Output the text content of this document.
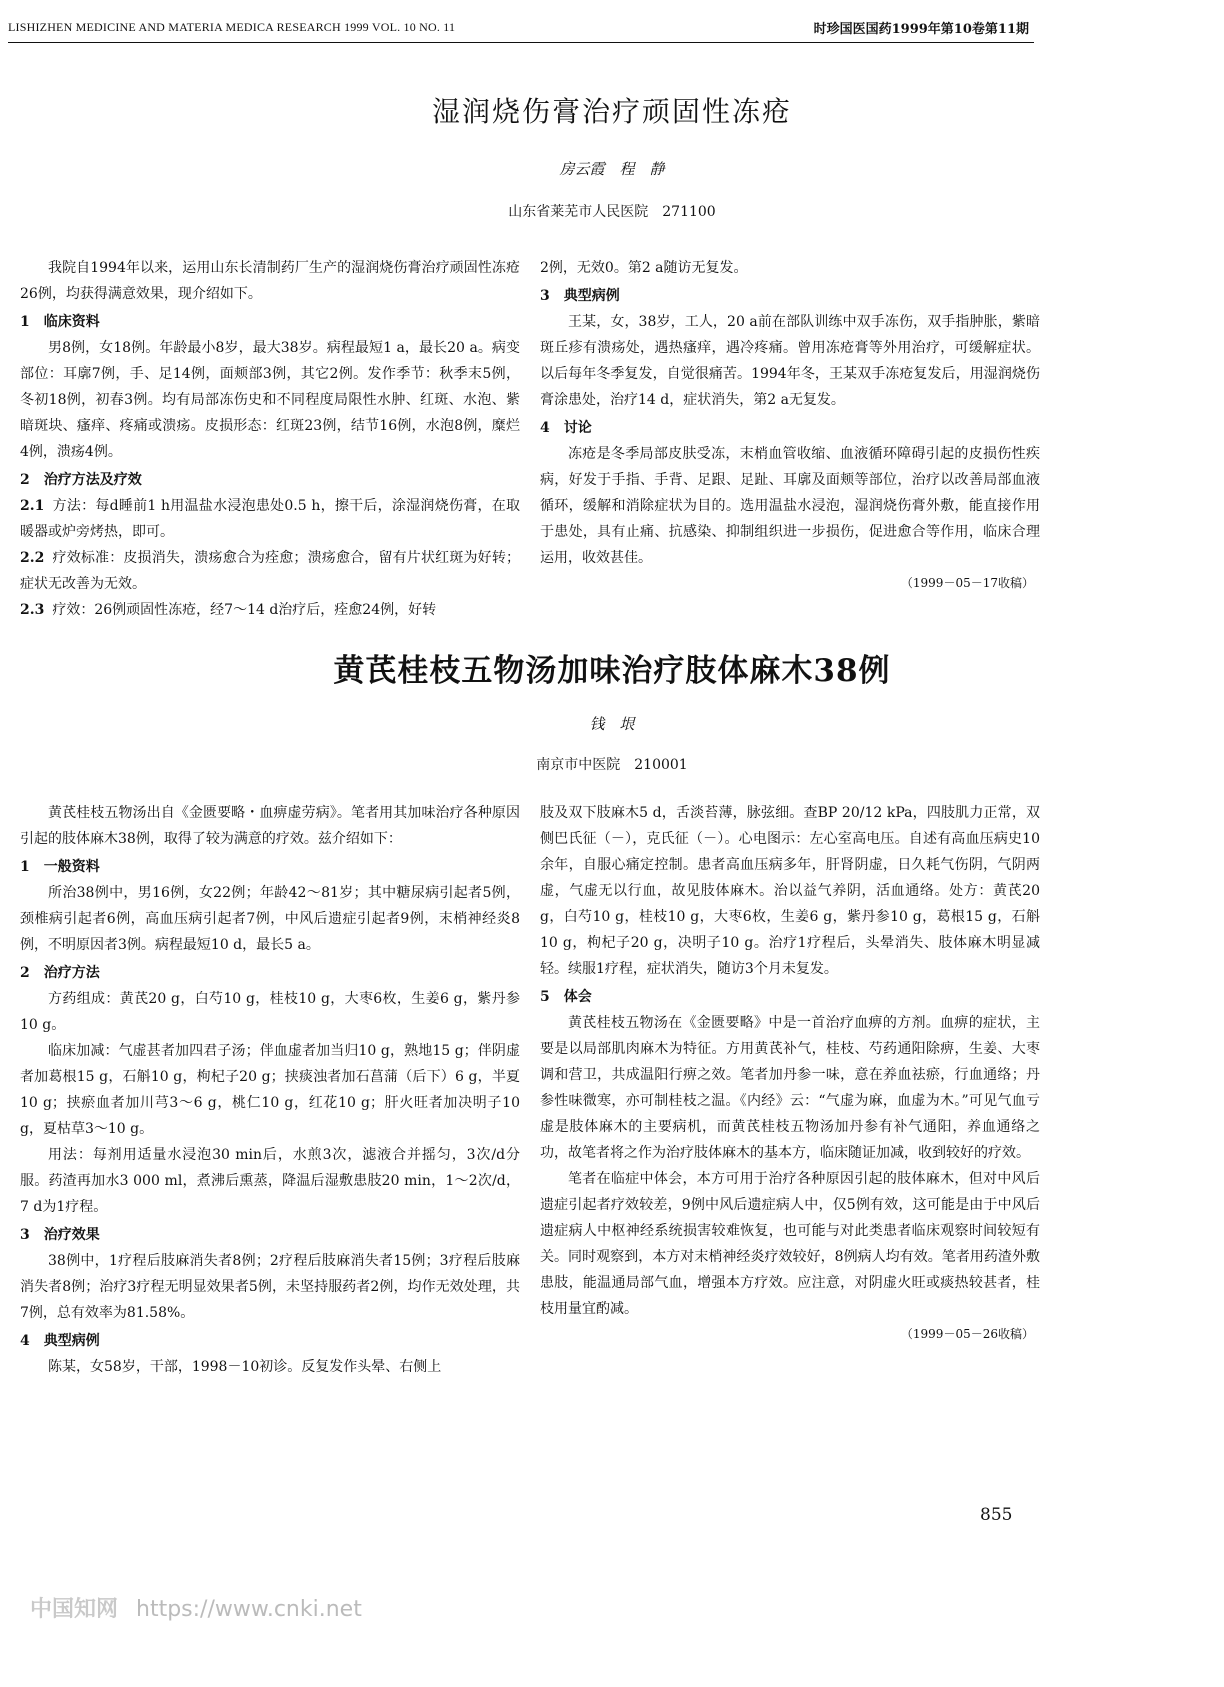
LISHIZHEN MEDICINE AND MATERIA MEDICA RESEARCH 1999 VOL. 10 NO. 11	时珍国医国药1999年第10卷第11期
湿润烧伤膏治疗顽固性冻疮
房云霞　程　静
山东省莱芜市人民医院　271100

我院自1994年以来，运用山东长清制药厂生产的湿润烧伤膏治疗顽固性冻疮26例，均获得满意效果，现介绍如下。

1　临床资料

男8例，女18例。年龄最小8岁，最大38岁。病程最短1 a，最长20 a。病变部位：耳廓7例，手、足14例，面颊部3例，其它2例。发作季节：秋季末5例，冬初18例，初春3例。均有局部冻伤史和不同程度局限性水肿、红斑、水泡、紫暗斑块、瘙痒、疼痛或溃疡。皮损形态：红斑23例，结节16例，水泡8例，糜烂4例，溃疡4例。

2　治疗方法及疗效

2.1 方法：每d睡前1 h用温盐水浸泡患处0.5 h，擦干后，涂湿润烧伤膏，在取暖器或炉旁烤热，即可。

2.2 疗效标准：皮损消失，溃疡愈合为痊愈；溃疡愈合，留有片状红斑为好转；症状无改善为无效。

2.3 疗效：26例顽固性冻疮，经7～14 d治疗后，痊愈24例，好转

2例，无效0。第2 a随访无复发。

3　典型病例

王某，女，38岁，工人，20 a前在部队训练中双手冻伤，双手指肿胀，紫暗斑丘疹有溃疡处，遇热瘙痒，遇冷疼痛。曾用冻疮膏等外用治疗，可缓解症状。以后每年冬季复发，自觉很痛苦。1994年冬，王某双手冻疮复发后，用湿润烧伤膏涂患处，治疗14 d，症状消失，第2 a无复发。

4　讨论

冻疮是冬季局部皮肤受冻，末梢血管收缩、血液循环障碍引起的皮损伤性疾病，好发于手指、手背、足跟、足趾、耳廓及面颊等部位，治疗以改善局部血液循环，缓解和消除症状为目的。选用温盐水浸泡，湿润烧伤膏外敷，能直接作用于患处，具有止痛、抗感染、抑制组织进一步损伤，促进愈合等作用，临床合理运用，收效甚佳。

（1999－05－17收稿）

黄芪桂枝五物汤加味治疗肢体麻木38例
钱　垠
南京市中医院　210001

黄芪桂枝五物汤出自《金匮要略・血痹虚劳病》。笔者用其加味治疗各种原因引起的肢体麻木38例，取得了较为满意的疗效。兹介绍如下：

1　一般资料

所治38例中，男16例，女22例；年龄42～81岁；其中糖尿病引起者5例，颈椎病引起者6例，高血压病引起者7例，中风后遗症引起者9例，末梢神经炎8例，不明原因者3例。病程最短10 d，最长5 a。

2　治疗方法

方药组成：黄芪20 g，白芍10 g，桂枝10 g，大枣6枚，生姜6 g，紫丹参10 g。

临床加减：气虚甚者加四君子汤；伴血虚者加当归10 g，熟地15 g；伴阴虚者加葛根15 g，石斛10 g，枸杞子20 g；挟痰浊者加石菖蒲（后下）6 g，半夏10 g；挟瘀血者加川芎3～6 g，桃仁10 g，红花10 g；肝火旺者加决明子10 g，夏枯草3～10 g。

用法：每剂用适量水浸泡30 min后，水煎3次，滤液合并摇匀，3次/d分服。药渣再加水3 000 ml，煮沸后熏蒸，降温后湿敷患肢20 min，1～2次/d，7 d为1疗程。

3　治疗效果

38例中，1疗程后肢麻消失者8例；2疗程后肢麻消失者15例；3疗程后肢麻消失者8例；治疗3疗程无明显效果者5例，未坚持服药者2例，均作无效处理，共7例，总有效率为81.58%。

4　典型病例

陈某，女58岁，干部，1998－10初诊。反复发作头晕、右侧上

肢及双下肢麻木5 d，舌淡苔薄，脉弦细。查BP 20/12 kPa，四肢肌力正常，双侧巴氏征（－），克氏征（－）。心电图示：左心室高电压。自述有高血压病史10余年，自服心痛定控制。患者高血压病多年，肝肾阴虚，日久耗气伤阴，气阴两虚，气虚无以行血，故见肢体麻木。治以益气养阴，活血通络。处方：黄芪20 g，白芍10 g，桂枝10 g，大枣6枚，生姜6 g，紫丹参10 g，葛根15 g，石斛10 g，枸杞子20 g，决明子10 g。治疗1疗程后，头晕消失、肢体麻木明显减轻。续服1疗程，症状消失，随访3个月未复发。

5　体会

黄芪桂枝五物汤在《金匮要略》中是一首治疗血痹的方剂。血痹的症状，主要是以局部肌肉麻木为特征。方用黄芪补气，桂枝、芍药通阳除痹，生姜、大枣调和营卫，共成温阳行痹之效。笔者加丹参一味，意在养血祛瘀，行血通络；丹参性味微寒，亦可制桂枝之温。《内经》云：“气虚为麻，血虚为木。”可见气血亏虚是肢体麻木的主要病机，而黄芪桂枝五物汤加丹参有补气通阳，养血通络之功，故笔者将之作为治疗肢体麻木的基本方，临床随证加减，收到较好的疗效。

笔者在临症中体会，本方可用于治疗各种原因引起的肢体麻木，但对中风后遗症引起者疗效较差，9例中风后遗症病人中，仅5例有效，这可能是由于中风后遗症病人中枢神经系统损害较难恢复，也可能与对此类患者临床观察时间较短有关。同时观察到，本方对末梢神经炎疗效较好，8例病人均有效。笔者用药渣外敷患肢，能温通局部气血，增强本方疗效。应注意，对阴虚火旺或痰热较甚者，桂枝用量宜酌减。

（1999－05－26收稿）

855
中国知网 https://www.cnki.net
